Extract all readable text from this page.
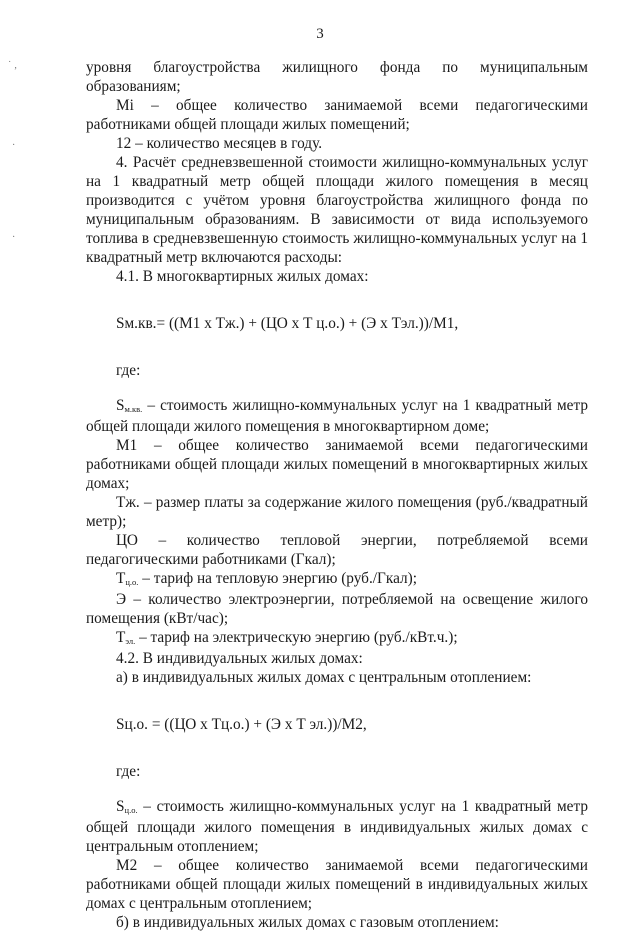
3
˙ ‚
·
·

уровня благоустройства жилищного фонда по муниципальным образованиям;

Mi – общее количество занимаемой всеми педагогическими работниками общей площади жилых помещений;

12 – количество месяцев в году.

4. Расчёт средневзвешенной стоимости жилищно-коммунальных услуг на 1 квадратный метр общей площади жилого помещения в месяц производится с учётом уровня благоустройства жилищного фонда по муниципальным образованиям. В зависимости от вида используемого топлива в средневзвешенную стоимость жилищно-коммунальных услуг на 1 квадратный метр включаются расходы:

4.1. В многоквартирных жилых домах:

Sм.кв.= ((M1 x Тж.) + (ЦО x Т ц.о.) + (Э x Тэл.))/M1,

где:

Sм.кв. – стоимость жилищно-коммунальных услуг на 1 квадратный метр общей площади жилого помещения в многоквартирном доме;

M1 – общее количество занимаемой всеми педагогическими работниками общей площади жилых помещений в многоквартирных жилых домах;

Тж. – размер платы за содержание жилого помещения (руб./квадратный метр);

ЦО – количество тепловой энергии, потребляемой всеми педагогическими работниками (Гкал);

Тц.о. – тариф на тепловую энергию (руб./Гкал);

Э – количество электроэнергии, потребляемой на освещение жилого помещения (кВт/час);

Тэл. – тариф на электрическую энергию (руб./кВт.ч.);

4.2. В индивидуальных жилых домах:

а) в индивидуальных жилых домах с центральным отоплением:

Sц.о. = ((ЦО x Тц.о.) + (Э x Т эл.))/M2,

где:

Sц.о. – стоимость жилищно-коммунальных услуг на 1 квадратный метр общей площади жилого помещения в индивидуальных жилых домах с центральным отоплением;

M2 – общее количество занимаемой всеми педагогическими работниками общей площади жилых помещений в индивидуальных жилых домах с центральным отоплением;

б) в индивидуальных жилых домах с газовым отоплением:
